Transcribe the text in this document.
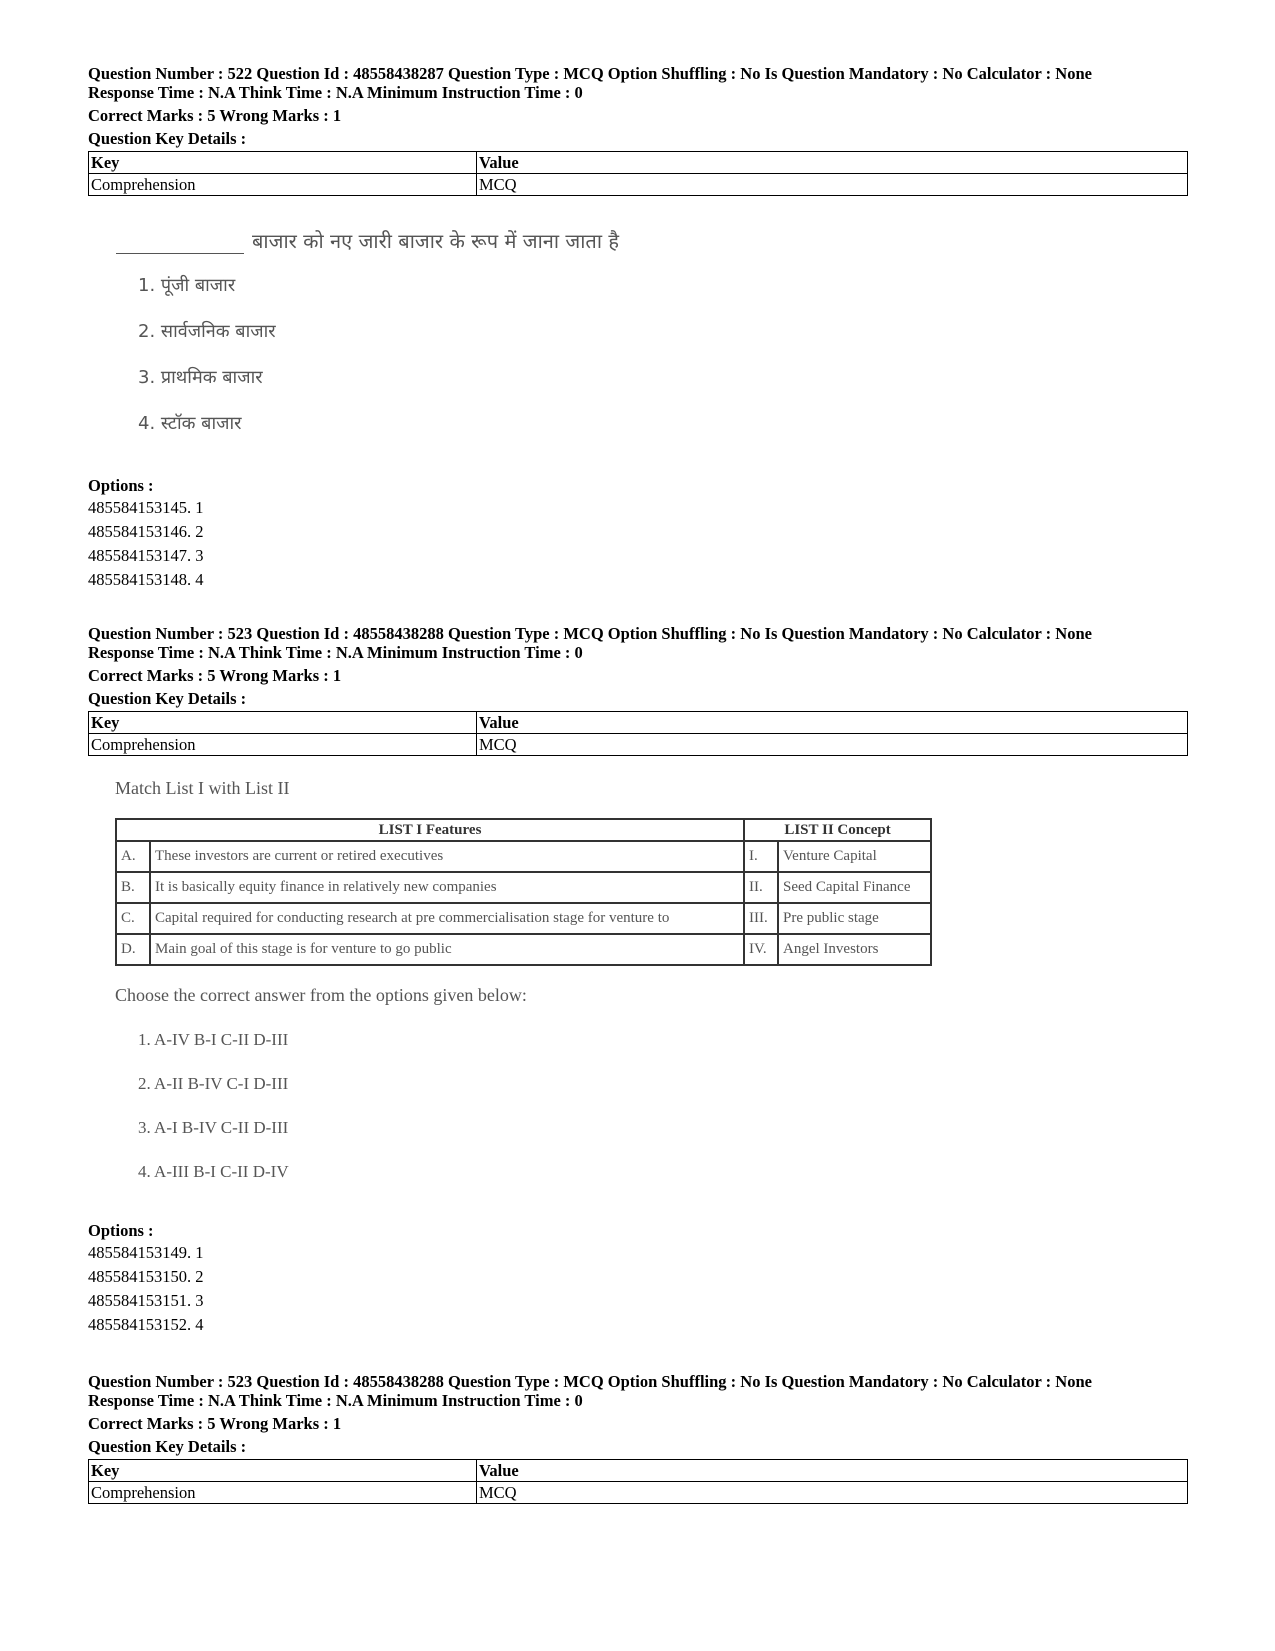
Question Number : 522 Question Id : 48558438287 Question Type : MCQ Option Shuffling : No Is Question Mandatory : No Calculator : None

Response Time : N.A Think Time : N.A Minimum Instruction Time : 0

Correct Marks : 5 Wrong Marks : 1

Question Key Details :

Key	Value
Comprehension	MCQ
बाजार को नए जारी बाजार के रूप में जाना जाता है
1. पूंजी बाजार
2. सार्वजनिक बाजार
3. प्राथमिक बाजार
4. स्टॉक बाजार

Options :

485584153145. 1

485584153146. 2

485584153147. 3

485584153148. 4

Question Number : 523 Question Id : 48558438288 Question Type : MCQ Option Shuffling : No Is Question Mandatory : No Calculator : None

Response Time : N.A Think Time : N.A Minimum Instruction Time : 0

Correct Marks : 5 Wrong Marks : 1

Question Key Details :

Key	Value
Comprehension	MCQ
Match List I with List II
LIST I Features		LIST II Concept	
A.	These investors are current or retired executives	I.	Venture Capital
B.	It is basically equity finance in relatively new companies	II.	Seed Capital Finance
C.	Capital required for conducting research at pre commercialisation stage for venture to	III.	Pre public stage
D.	Main goal of this stage is for venture to go public	IV.	Angel Investors
Choose the correct answer from the options given below:
1. A-IV B-I C-II D-III
2. A-II B-IV C-I D-III
3. A-I B-IV C-II D-III
4. A-III B-I C-II D-IV

Options :

485584153149. 1

485584153150. 2

485584153151. 3

485584153152. 4

Question Number : 523 Question Id : 48558438288 Question Type : MCQ Option Shuffling : No Is Question Mandatory : No Calculator : None

Response Time : N.A Think Time : N.A Minimum Instruction Time : 0

Correct Marks : 5 Wrong Marks : 1

Question Key Details :

Key	Value
Comprehension	MCQ
